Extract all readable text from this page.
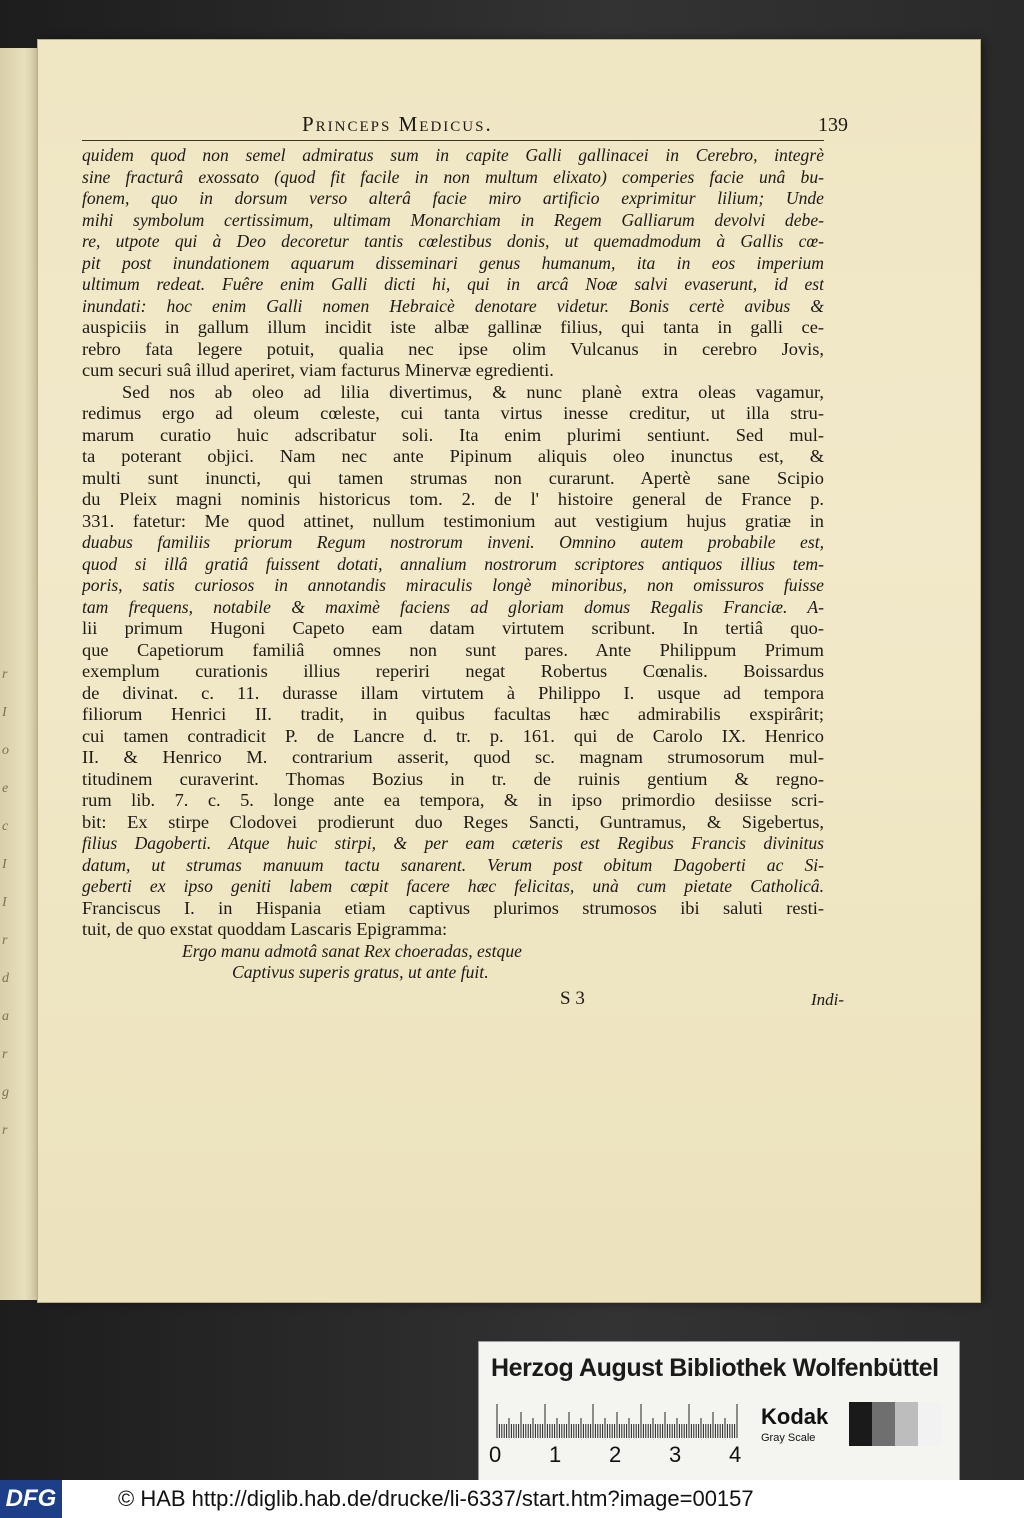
r
I
o
e
c
I
I
r
d
a
r
g
r
Princeps Medicus.	139
quidem quod non semel admiratus sum in capite Galli gallinacei in Cerebro, integrè
sine fracturâ exossato (quod fit facile in non multum elixato) comperies facie unâ bu-
fonem, quo in dorsum verso alterâ facie miro artificio exprimitur lilium; Unde
mihi symbolum certissimum, ultimam Monarchiam in Regem Galliarum devolvi debe-
re, utpote qui à Deo decoretur tantis cœlestibus donis, ut quemadmodum à Gallis cœ-
pit post inundationem aquarum disseminari genus humanum, ita in eos imperium
ultimum redeat. Fuêre enim Galli dicti hi, qui in arcâ Noæ salvi evaserunt, id est
inundati: hoc enim Galli nomen Hebraicè denotare videtur. Bonis certè avibus &
auspiciis in gallum illum incidit iste albæ gallinæ filius, qui tanta in galli ce-
rebro fata legere potuit, qualia nec ipse olim Vulcanus in cerebro Jovis,
cum securi suâ illud aperiret, viam facturus Minervæ egredienti.
Sed nos ab oleo ad lilia divertimus, & nunc planè extra oleas vagamur,
redimus ergo ad oleum cœleste, cui tanta virtus inesse creditur, ut illa stru-
marum curatio huic adscribatur soli. Ita enim plurimi sentiunt. Sed mul-
ta poterant objici. Nam nec ante Pipinum aliquis oleo inunctus est, &
multi sunt inuncti, qui tamen strumas non curarunt. Apertè sane Scipio
du Pleix magni nominis historicus tom. 2. de l' histoire general de France p.
331. fatetur: Me quod attinet, nullum testimonium aut vestigium hujus gratiæ in
duabus familiis priorum Regum nostrorum inveni. Omnino autem probabile est,
quod si illâ gratiâ fuissent dotati, annalium nostrorum scriptores antiquos illius tem-
poris, satis curiosos in annotandis miraculis longè minoribus, non omissuros fuisse
tam frequens, notabile & maximè faciens ad gloriam domus Regalis Franciæ. A-
lii primum Hugoni Capeto eam datam virtutem scribunt. In tertiâ quo-
que Capetiorum familiâ omnes non sunt pares. Ante Philippum Primum
exemplum curationis illius reperiri negat Robertus Cœnalis. Boissardus
de divinat. c. 11. durasse illam virtutem à Philippo I. usque ad tempora
filiorum Henrici II. tradit, in quibus facultas hæc admirabilis exspirârit;
cui tamen contradicit P. de Lancre d. tr. p. 161. qui de Carolo IX. Henrico
II. & Henrico M. contrarium asserit, quod sc. magnam strumosorum mul-
titudinem curaverint. Thomas Bozius in tr. de ruinis gentium & regno-
rum lib. 7. c. 5. longe ante ea tempora, & in ipso primordio desiisse scri-
bit: Ex stirpe Clodovei prodierunt duo Reges Sancti, Guntramus, & Sigebertus,
filius Dagoberti. Atque huic stirpi, & per eam cæteris est Regibus Francis divinitus
datum, ut strumas manuum tactu sanarent. Verum post obitum Dagoberti ac Si-
geberti ex ipso geniti labem cœpit facere hæc felicitas, unà cum pietate Catholicâ.
Franciscus I. in Hispania etiam captivus plurimos strumosos ibi saluti resti-
tuit, de quo exstat quoddam Lascaris Epigramma:
Ergo manu admotâ sanat Rex choeradas, estque
Captivus superis gratus, ut ante fuit.
S 3	Indi-
Herzog August Bibliothek Wolfenbüttel
0 1 2 3 4
Kodak
Gray Scale
DFG	© HAB http://diglib.hab.de/drucke/li-6337/start.htm?image=00157
